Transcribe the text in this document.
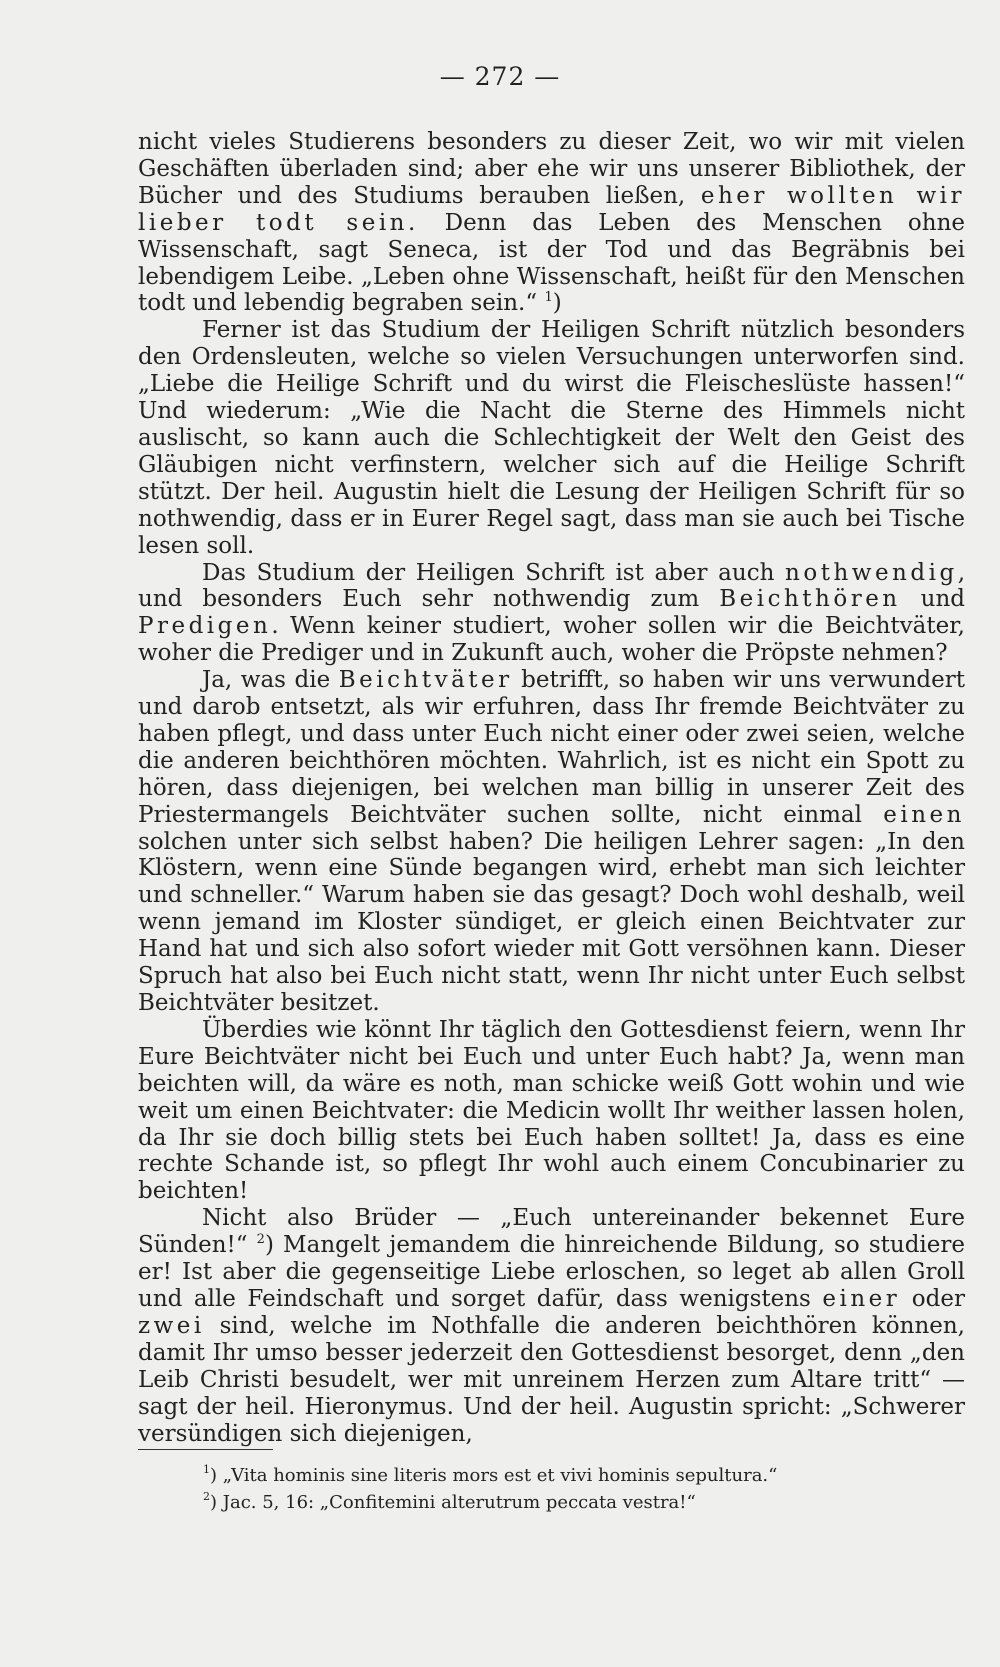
— 272 —

nicht vieles Studierens besonders zu dieser Zeit, wo wir mit vielen Geschäften überladen sind; aber ehe wir uns unserer Bibliothek, der Bücher und des Studiums berauben ließen, eher wollten wir lieber todt sein. Denn das Leben des Menschen ohne Wissenschaft, sagt Seneca, ist der Tod und das Begräbnis bei lebendigem Leibe. „Leben ohne Wissenschaft, heißt für den Menschen todt und lebendig begraben sein.“ $^1$)

Ferner ist das Studium der Heiligen Schrift nützlich besonders den Ordensleuten, welche so vielen Versuchungen unterworfen sind. „Liebe die Heilige Schrift und du wirst die Fleischeslüste hassen!“ Und wiederum: „Wie die Nacht die Sterne des Himmels nicht auslischt, so kann auch die Schlechtigkeit der Welt den Geist des Gläubigen nicht verfinstern, welcher sich auf die Heilige Schrift stützt. Der heil. Augustin hielt die Lesung der Heiligen Schrift für so nothwendig, dass er in Eurer Regel sagt, dass man sie auch bei Tische lesen soll.

Das Studium der Heiligen Schrift ist aber auch nothwendig, und besonders Euch sehr nothwendig zum Beichthören und Predigen. Wenn keiner studiert, woher sollen wir die Beichtväter, woher die Prediger und in Zukunft auch, woher die Pröpste nehmen?

Ja, was die Beichtväter betrifft, so haben wir uns verwundert und darob entsetzt, als wir erfuhren, dass Ihr fremde Beichtväter zu haben pflegt, und dass unter Euch nicht einer oder zwei seien, welche die anderen beichthören möchten. Wahrlich, ist es nicht ein Spott zu hören, dass diejenigen, bei welchen man billig in unserer Zeit des Priestermangels Beichtväter suchen sollte, nicht einmal einen solchen unter sich selbst haben? Die heiligen Lehrer sagen: „In den Klöstern, wenn eine Sünde begangen wird, erhebt man sich leichter und schneller.“ Warum haben sie das gesagt? Doch wohl deshalb, weil wenn jemand im Kloster sündiget, er gleich einen Beichtvater zur Hand hat und sich also sofort wieder mit Gott versöhnen kann. Dieser Spruch hat also bei Euch nicht statt, wenn Ihr nicht unter Euch selbst Beichtväter besitzet.

Überdies wie könnt Ihr täglich den Gottesdienst feiern, wenn Ihr Eure Beichtväter nicht bei Euch und unter Euch habt? Ja, wenn man beichten will, da wäre es noth, man schicke weiß Gott wohin und wie weit um einen Beichtvater: die Medicin wollt Ihr weither lassen holen, da Ihr sie doch billig stets bei Euch haben solltet! Ja, dass es eine rechte Schande ist, so pflegt Ihr wohl auch einem Concubinarier zu beichten!

Nicht also Brüder — „Euch untereinander bekennet Eure Sünden!“ $^2$) Mangelt jemandem die hinreichende Bildung, so studiere er! Ist aber die gegenseitige Liebe erloschen, so leget ab allen Groll und alle Feindschaft und sorget dafür, dass wenigstens einer oder zwei sind, welche im Nothfalle die anderen beichthören können, damit Ihr umso besser jederzeit den Gottesdienst besorget, denn „den Leib Christi besudelt, wer mit unreinem Herzen zum Altare tritt“ — sagt der heil. Hieronymus. Und der heil. Augustin spricht: „Schwerer versündigen sich diejenigen,

$^1$) „Vita hominis sine literis mors est et vivi hominis sepultura.“
$^2$) Jac. 5, 16: „Confitemini alterutrum peccata vestra!“
